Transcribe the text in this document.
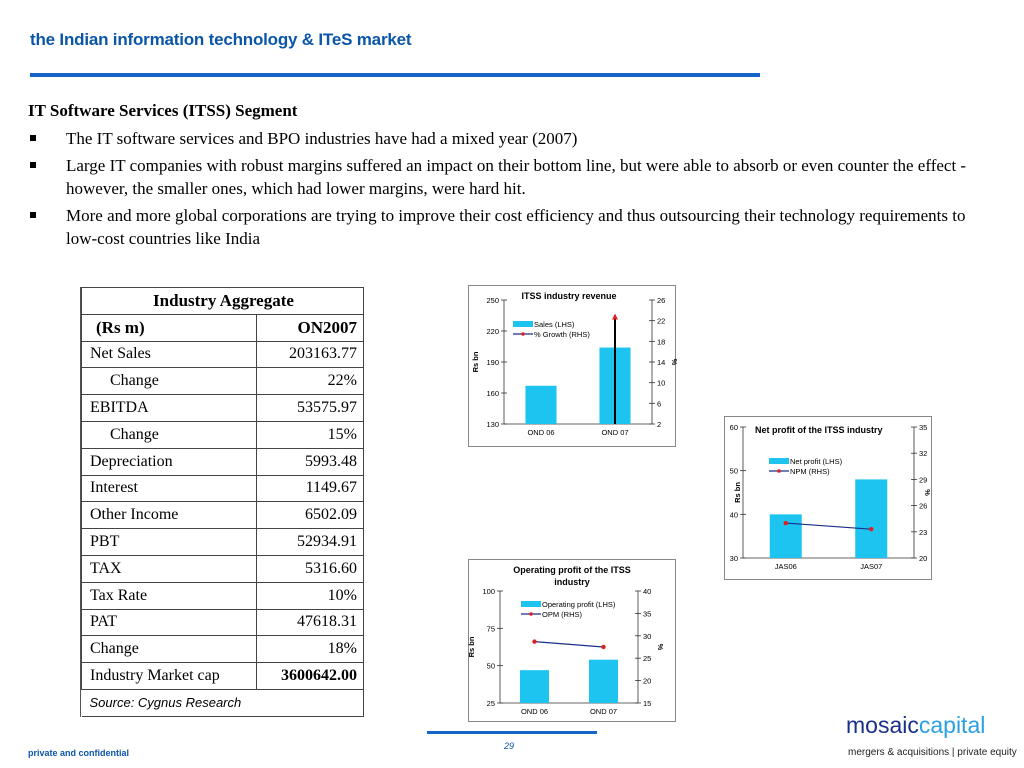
the Indian information technology & ITeS market
IT Software Services (ITSS) Segment
The IT software services and BPO industries have had a mixed year (2007)
Large IT companies with robust margins suffered an impact on their bottom line, but were able to absorb or even counter the effect - however, the smaller ones, which had lower margins, were hard hit.
More and more global corporations are trying to improve their cost efficiency and thus outsourcing their technology requirements to low-cost countries like India
Industry Aggregate	
(Rs m)	ON2007
Net Sales	203163.77
Change	22%
EBITDA	53575.97
Change	15%
Depreciation	5993.48
Interest	1149.67
Other Income	6502.09
PBT	52934.91
TAX	5316.60
Tax Rate	10%
PAT	47618.31
Change	18%
Industry Market cap	3600642.00
Source: Cygnus Research	
ITSS industry revenue
250
220
190
160
130
26
22
18
14
10
6
2
Rs bn	%
OND 06	OND 07
Sales (LHS)
% Growth (RHS)
Net profit of the ITSS industry
60
50
40
30
35
32
29
26
23
20
Rs bn	%
JAS06	JAS07
Net profit (LHS)
NPM (RHS)
Operating profit of the ITSS
industry
100
75
50
25
40
35
30
25
20
15
Rs bn	%
OND 06	OND 07
Operating profit (LHS)
OPM (RHS)
private and confidential
29
mosaiccapital
mergers & acquisitions | private equity
